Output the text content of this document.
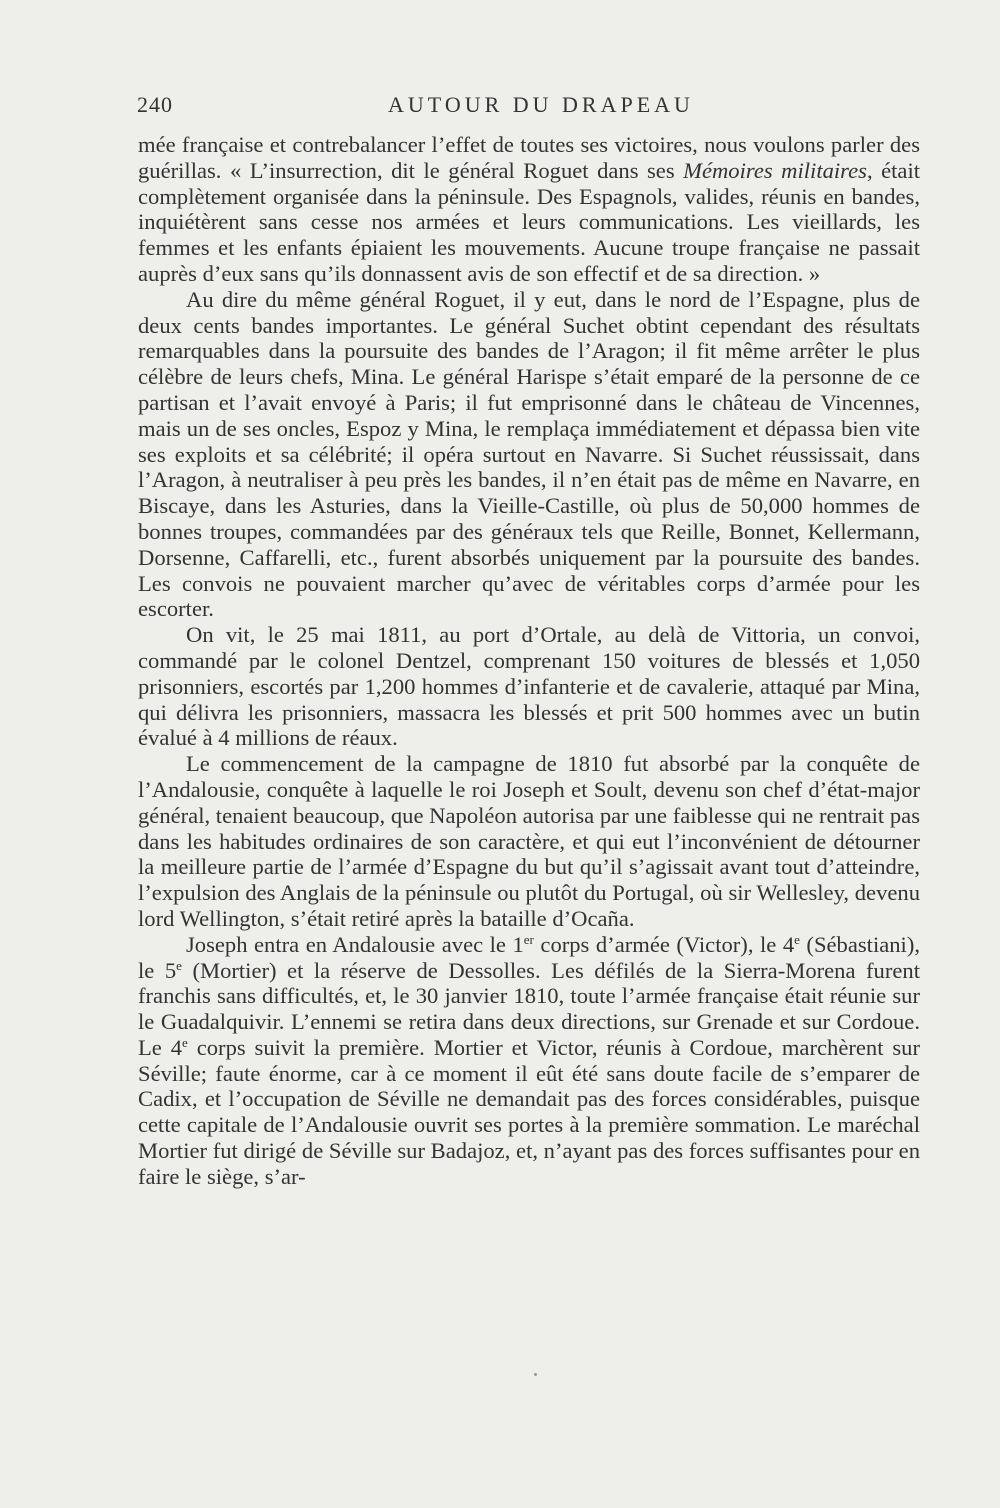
240	AUTOUR DU DRAPEAU

mée française et contrebalancer l’effet de toutes ses victoires, nous voulons parler des guérillas. « L’insurrection, dit le général Roguet dans ses Mémoires militaires, était complètement organisée dans la péninsule. Des Espagnols, valides, réunis en bandes, inquiétèrent sans cesse nos armées et leurs communications. Les vieillards, les femmes et les enfants épiaient les mouvements. Aucune troupe française ne passait auprès d’eux sans qu’ils donnassent avis de son effectif et de sa direction. »

Au dire du même général Roguet, il y eut, dans le nord de l’Espagne, plus de deux cents bandes importantes. Le général Suchet obtint cependant des résultats remarquables dans la poursuite des bandes de l’Aragon; il fit même arrêter le plus célèbre de leurs chefs, Mina. Le général Harispe s’était emparé de la personne de ce partisan et l’avait envoyé à Paris; il fut emprisonné dans le château de Vincennes, mais un de ses oncles, Espoz y Mina, le remplaça immédiatement et dépassa bien vite ses exploits et sa célébrité; il opéra surtout en Navarre. Si Suchet réussissait, dans l’Aragon, à neutraliser à peu près les bandes, il n’en était pas de même en Navarre, en Biscaye, dans les Asturies, dans la Vieille-Castille, où plus de 50,000 hommes de bonnes troupes, commandées par des généraux tels que Reille, Bonnet, Kellermann, Dorsenne, Caffarelli, etc., furent absorbés uniquement par la poursuite des bandes. Les convois ne pouvaient marcher qu’avec de véritables corps d’armée pour les escorter.

On vit, le 25 mai 1811, au port d’Ortale, au delà de Vittoria, un convoi, commandé par le colonel Dentzel, comprenant 150 voitures de blessés et 1,050 prisonniers, escortés par 1,200 hommes d’infanterie et de cavalerie, attaqué par Mina, qui délivra les prisonniers, massacra les blessés et prit 500 hommes avec un butin évalué à 4 millions de réaux.

Le commencement de la campagne de 1810 fut absorbé par la conquête de l’Andalousie, conquête à laquelle le roi Joseph et Soult, devenu son chef d’état-major général, tenaient beaucoup, que Napoléon autorisa par une faiblesse qui ne rentrait pas dans les habitudes ordinaires de son caractère, et qui eut l’inconvénient de détourner la meilleure partie de l’armée d’Espagne du but qu’il s’agissait avant tout d’atteindre, l’expulsion des Anglais de la péninsule ou plutôt du Portugal, où sir Wellesley, devenu lord Wellington, s’était retiré après la bataille d’Ocaña.

Joseph entra en Andalousie avec le 1er corps d’armée (Victor), le 4e (Sébastiani), le 5e (Mortier) et la réserve de Dessolles. Les défilés de la Sierra-Morena furent franchis sans difficultés, et, le 30 janvier 1810, toute l’armée française était réunie sur le Guadalquivir. L’ennemi se retira dans deux directions, sur Grenade et sur Cordoue. Le 4e corps suivit la première. Mortier et Victor, réunis à Cordoue, marchèrent sur Séville; faute énorme, car à ce moment il eût été sans doute facile de s’emparer de Cadix, et l’occupation de Séville ne demandait pas des forces considérables, puisque cette capitale de l’Andalousie ouvrit ses portes à la première sommation. Le maréchal Mortier fut dirigé de Séville sur Badajoz, et, n’ayant pas des forces suffisantes pour en faire le siège, s’ar-
